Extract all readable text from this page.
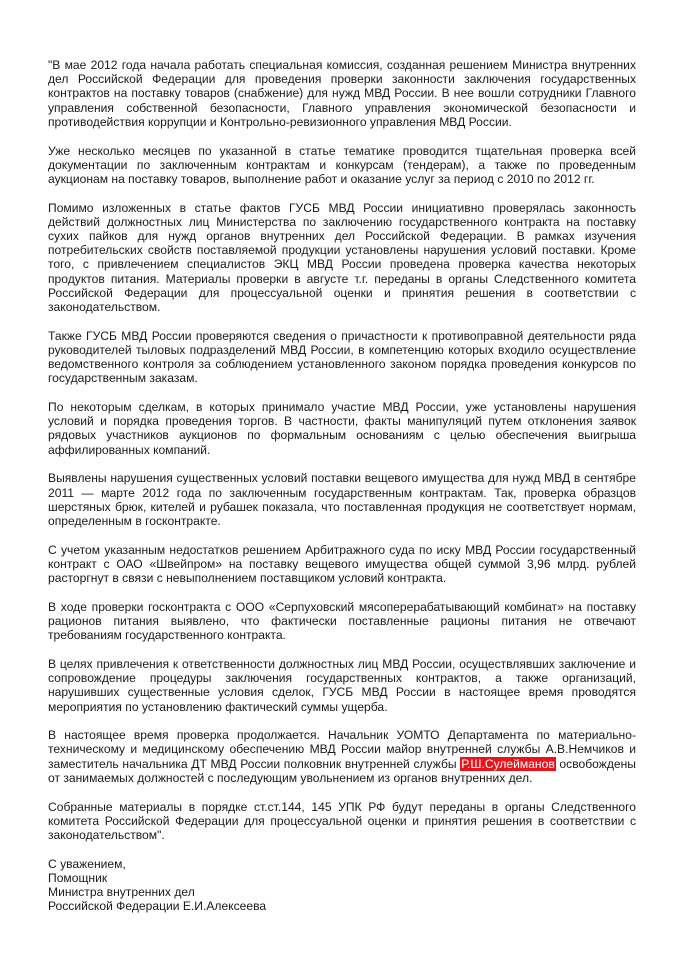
"В мае 2012 года начала работать специальная комиссия, созданная решением Министра внутренних дел Российской Федерации для проведения проверки законности заключения государственных контрактов на поставку товаров (снабжение) для нужд МВД России. В нее вошли сотрудники Главного управления собственной безопасности, Главного управления экономической безопасности и противодействия коррупции и Контрольно-ревизионного управления МВД России.

Уже несколько месяцев по указанной в статье тематике проводится тщательная проверка всей документации по заключенным контрактам и конкурсам (тендерам), а также по проведенным аукционам на поставку товаров, выполнение работ и оказание услуг за период с 2010 по 2012 гг.

Помимо изложенных в статье фактов ГУСБ МВД России инициативно проверялась законность действий должностных лиц Министерства по заключению государственного контракта на поставку сухих пайков для нужд органов внутренних дел Российской Федерации. В рамках изучения потребительских свойств поставляемой продукции установлены нарушения условий поставки. Кроме того, с привлечением специалистов ЭКЦ МВД России проведена проверка качества некоторых продуктов питания. Материалы проверки в августе т.г. переданы в органы Следственного комитета Российской Федерации для процессуальной оценки и принятия решения в соответствии с законодательством.

Также ГУСБ МВД России проверяются сведения о причастности к противоправной деятельности ряда руководителей тыловых подразделений МВД России, в компетенцию которых входило осуществление ведомственного контроля за соблюдением установленного законом порядка проведения конкурсов по государственным заказам.

По некоторым сделкам, в которых принимало участие МВД России, уже установлены нарушения условий и порядка проведения торгов. В частности, факты манипуляций путем отклонения заявок рядовых участников аукционов по формальным основаниям с целью обеспечения выигрыша аффилированных компаний.

Выявлены нарушения существенных условий поставки вещевого имущества для нужд МВД в сентябре 2011 — марте 2012 года по заключенным государственным контрактам. Так, проверка образцов шерстяных брюк, кителей и рубашек показала, что поставленная продукция не соответствует нормам, определенным в госконтракте.

С учетом указанным недостатков решением Арбитражного суда по иску МВД России государственный контракт с ОАО «Швейпром» на поставку вещевого имущества общей суммой 3,96 млрд. рублей расторгнут в связи с невыполнением поставщиком условий контракта.

В ходе проверки госконтракта с ООО «Серпуховский мясоперерабатывающий комбинат» на поставку рационов питания выявлено, что фактически поставленные рационы питания не отвечают требованиям государственного контракта.

В целях привлечения к ответственности должностных лиц МВД России, осуществлявших заключение и сопровождение процедуры заключения государственных контрактов, а также организаций, нарушивших существенные условия сделок, ГУСБ МВД России в настоящее время проводятся мероприятия по установлению фактический суммы ущерба.

В настоящее время проверка продолжается. Начальник УОМТО Департамента по материально-техническому и медицинскому обеспечению МВД России майор внутренней службы А.В.Немчиков и заместитель начальника ДТ МВД России полковник внутренней службы Р.Ш.Сулейманов освобождены от занимаемых должностей с последующим увольнением из органов внутренних дел.

Собранные материалы в порядке ст.ст.144, 145 УПК РФ будут переданы в органы Следственного комитета Российской Федерации для процессуальной оценки и принятия решения в соответствии с законодательством".

С уважением,

Помощник

Министра внутренних дел

Российской Федерации Е.И.Алексеева
